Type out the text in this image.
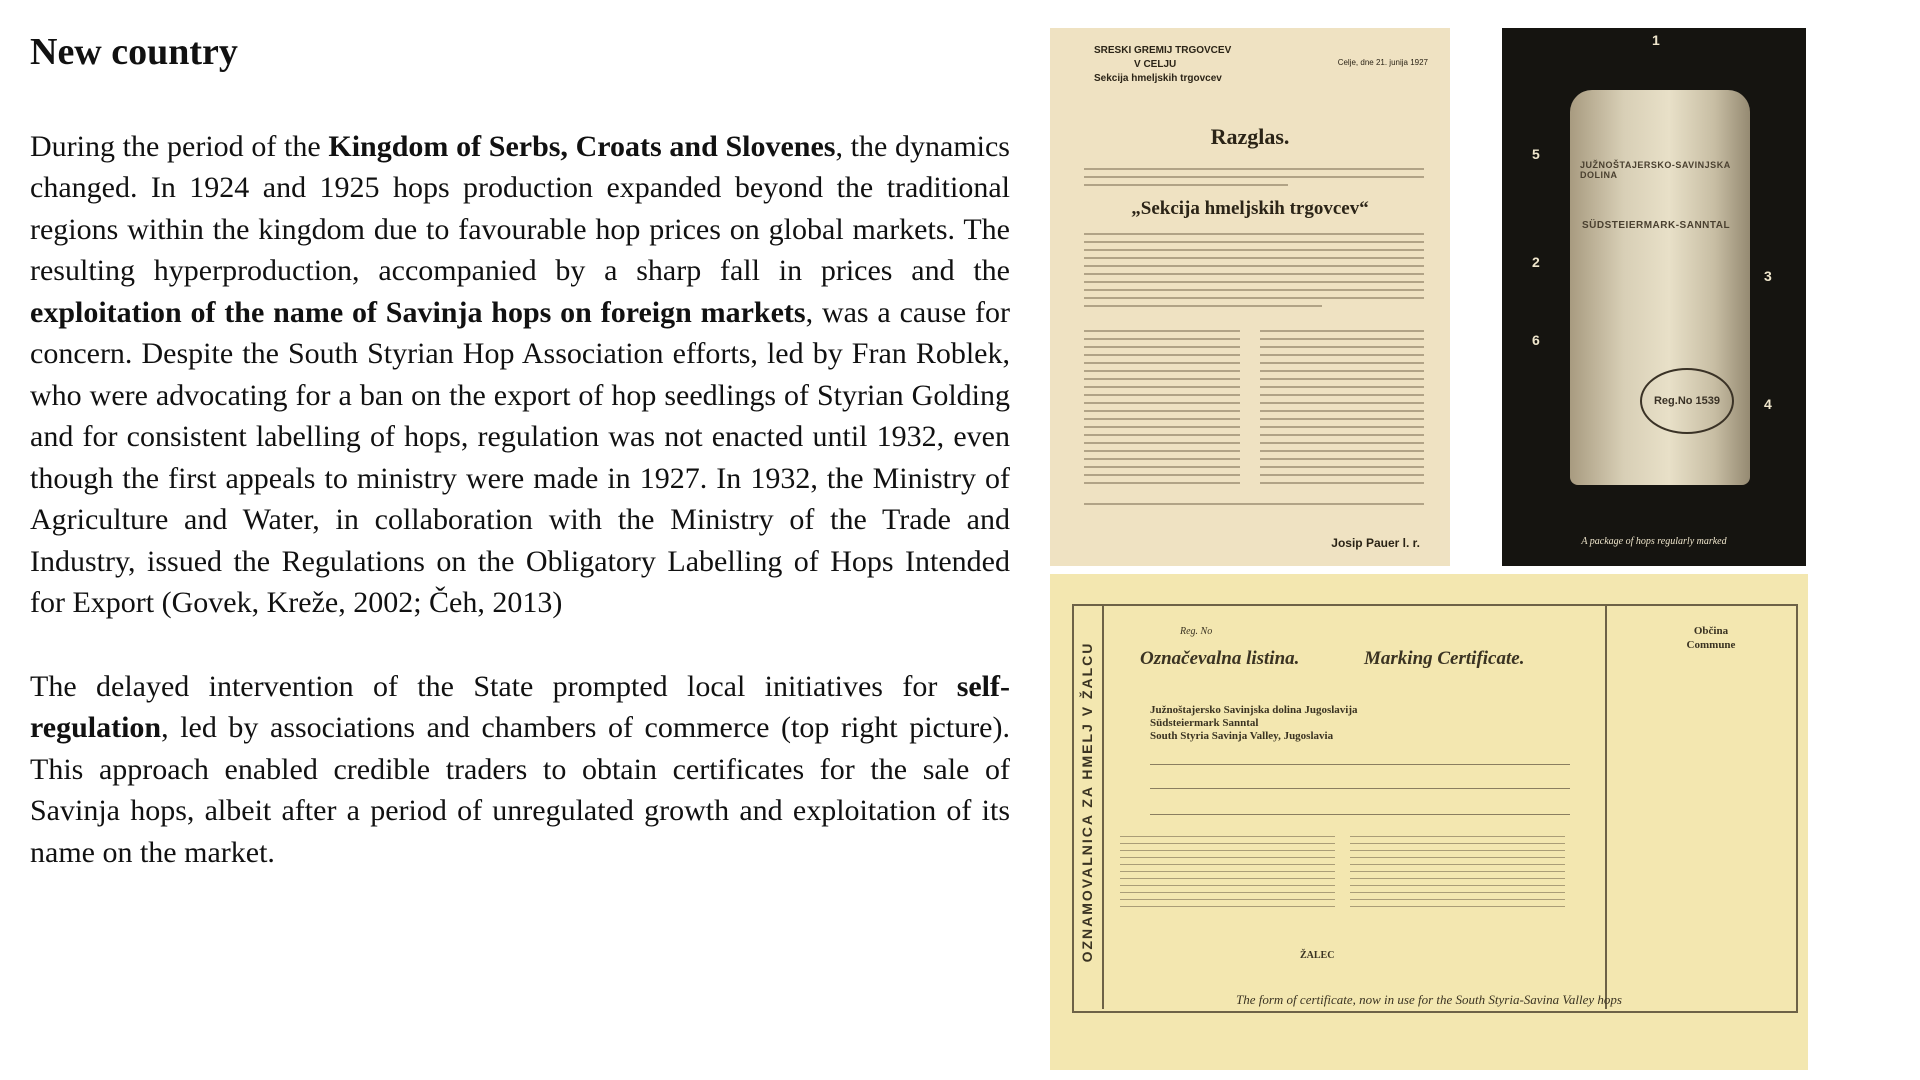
New country

During the period of the Kingdom of Serbs, Croats and Slovenes, the dynamics changed. In 1924 and 1925 hops production expanded beyond the traditional regions within the kingdom due to favourable hop prices on global markets. The resulting hyperproduction, accompanied by a sharp fall in prices and the exploitation of the name of Savinja hops on foreign markets, was a cause for concern. Despite the South Styrian Hop Association efforts, led by Fran Roblek, who were advocating for a ban on the export of hop seedlings of Styrian Golding and for consistent labelling of hops, regulation was not enacted until 1932, even though the first appeals to ministry were made in 1927. In 1932, the Ministry of Agriculture and Water, in collaboration with the Ministry of the Trade and Industry, issued the Regulations on the Obligatory Labelling of Hops Intended for Export (Govek, Kreže, 2002; Čeh, 2013)

The delayed intervention of the State prompted local initiatives for self-regulation, led by associations and chambers of commerce (top right picture). This approach enabled credible traders to obtain certificates for the sale of Savinja hops, albeit after a period of unregulated growth and exploitation of its name on the market.

SRESKI GREMIJ TRGOVCEV
V CELJU
Sekcija hmeljskih trgovcev
Celje, dne 21. junija 1927
Razglas.
„Sekcija hmeljskih trgovcev“
Josip Pauer l. r.
JUŽNOŠTAJERSKO-SAVINJSKA DOLINA
SÜDSTEIERMARK-SANNTAL
Reg.No 1539
1
5
2
3
6
4
A package of hops regularly marked
OZNAMOVALNICA ZA HMELJ V ŽALCU
Občina
Commune
Reg. No
Označevalna listina.	Marking Certificate.
Južnoštajersko Savinjska dolina Jugoslavija
Südsteiermark Sanntal
South Styria Savinja Valley, Jugoslavia
ŽALEC
The form of certificate, now in use for the South Styria-Savina Valley hops
